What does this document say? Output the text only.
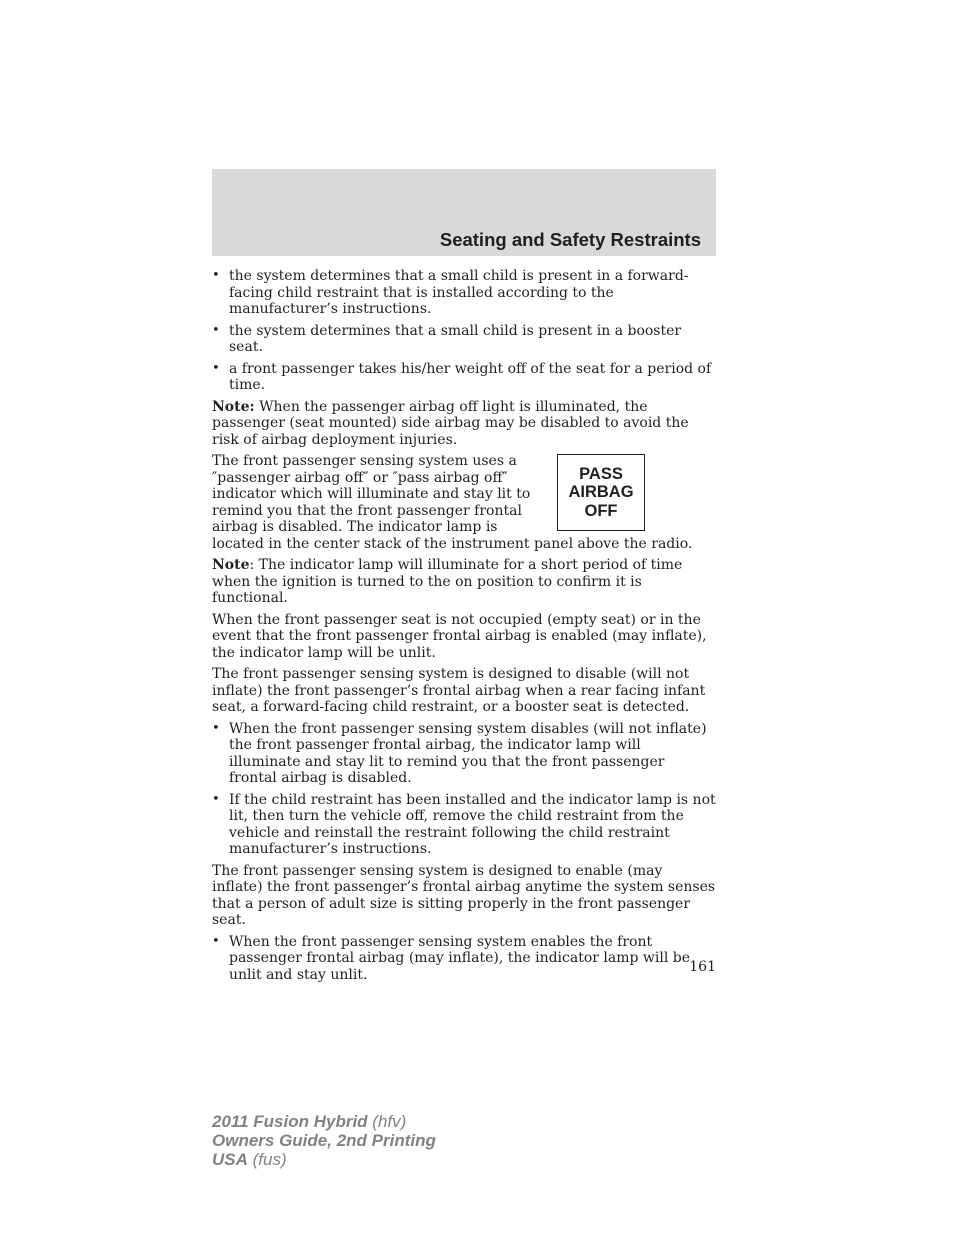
Seating and Safety Restraints
• the system determines that a small child is present in a forward-facing child restraint that is installed according to the manufacturer’s instructions.
• the system determines that a small child is present in a booster seat.
• a front passenger takes his/her weight off of the seat for a period of time.

Note: When the passenger airbag off light is illuminated, the passenger (seat mounted) side airbag may be disabled to avoid the risk of airbag deployment injuries.

PASS
AIRBAG
OFF

The front passenger sensing system uses a ″passenger airbag off″ or ″pass airbag off″ indicator which will illuminate and stay lit to remind you that the front passenger frontal airbag is disabled. The indicator lamp is located in the center stack of the instrument panel above the radio.

Note: The indicator lamp will illuminate for a short period of time when the ignition is turned to the on position to confirm it is functional.

When the front passenger seat is not occupied (empty seat) or in the event that the front passenger frontal airbag is enabled (may inflate), the indicator lamp will be unlit.

The front passenger sensing system is designed to disable (will not inflate) the front passenger’s frontal airbag when a rear facing infant seat, a forward-facing child restraint, or a booster seat is detected.

• When the front passenger sensing system disables (will not inflate) the front passenger frontal airbag, the indicator lamp will illuminate and stay lit to remind you that the front passenger frontal airbag is disabled.
• If the child restraint has been installed and the indicator lamp is not lit, then turn the vehicle off, remove the child restraint from the vehicle and reinstall the restraint following the child restraint manufacturer’s instructions.

The front passenger sensing system is designed to enable (may inflate) the front passenger’s frontal airbag anytime the system senses that a person of adult size is sitting properly in the front passenger seat.

• When the front passenger sensing system enables the front passenger frontal airbag (may inflate), the indicator lamp will be unlit and stay unlit.	161
2011 Fusion Hybrid (hfv)
Owners Guide, 2nd Printing
USA (fus)
